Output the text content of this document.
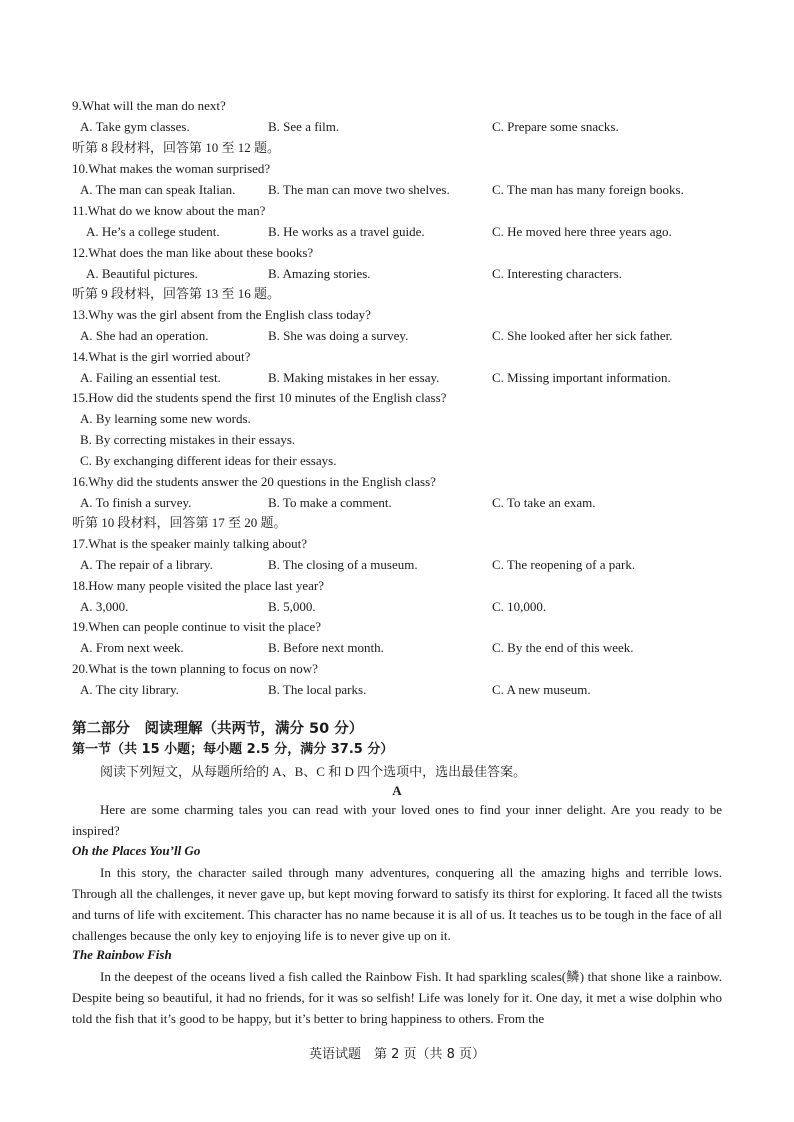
9.What will the man do next?
A. Take gym classes.	B. See a film.	C. Prepare some snacks.
听第 8 段材料，回答第 10 至 12 题。
10.What makes the woman surprised?
A. The man can speak Italian.	B. The man can move two shelves.	C. The man has many foreign books.
11.What do we know about the man?
A. He’s a college student.	B. He works as a travel guide.	C. He moved here three years ago.
12.What does the man like about these books?
A. Beautiful pictures.	B. Amazing stories.	C. Interesting characters.
听第 9 段材料，回答第 13 至 16 题。
13.Why was the girl absent from the English class today?
A. She had an operation.	B. She was doing a survey.	C. She looked after her sick father.
14.What is the girl worried about?
A. Failing an essential test.	B. Making mistakes in her essay.	C. Missing important information.
15.How did the students spend the first 10 minutes of the English class?
A. By learning some new words.
B. By correcting mistakes in their essays.
C. By exchanging different ideas for their essays.
16.Why did the students answer the 20 questions in the English class?
A. To finish a survey.	B. To make a comment.	C. To take an exam.
听第 10 段材料，回答第 17 至 20 题。
17.What is the speaker mainly talking about?
A. The repair of a library.	B. The closing of a museum.	C. The reopening of a park.
18.How many people visited the place last year?
A. 3,000.	B. 5,000.	C. 10,000.
19.When can people continue to visit the place?
A. From next week.	B. Before next month.	C. By the end of this week.
20.What is the town planning to focus on now?
A. The city library.	B. The local parks.	C. A new museum.
第二部分　阅读理解（共两节，满分 50 分）
第一节（共 15 小题；每小题 2.5 分，满分 37.5 分）
阅读下列短文，从每题所给的 A、B、C 和 D 四个选项中，选出最佳答案。
A
Here are some charming tales you can read with your loved ones to find your inner delight. Are you ready to be inspired?
Oh the Places You’ll Go
In this story, the character sailed through many adventures, conquering all the amazing highs and terrible lows. Through all the challenges, it never gave up, but kept moving forward to satisfy its thirst for exploring. It faced all the twists and turns of life with excitement. This character has no name because it is all of us. It teaches us to be tough in the face of all challenges because the only key to enjoying life is to never give up on it.
The Rainbow Fish
In the deepest of the oceans lived a fish called the Rainbow Fish. It had sparkling scales(鳞) that shone like a rainbow. Despite being so beautiful, it had no friends, for it was so selfish! Life was lonely for it. One day, it met a wise dolphin who told the fish that it’s good to be happy, but it’s better to bring happiness to others. From the
英语试题　第 2 页（共 8 页）
